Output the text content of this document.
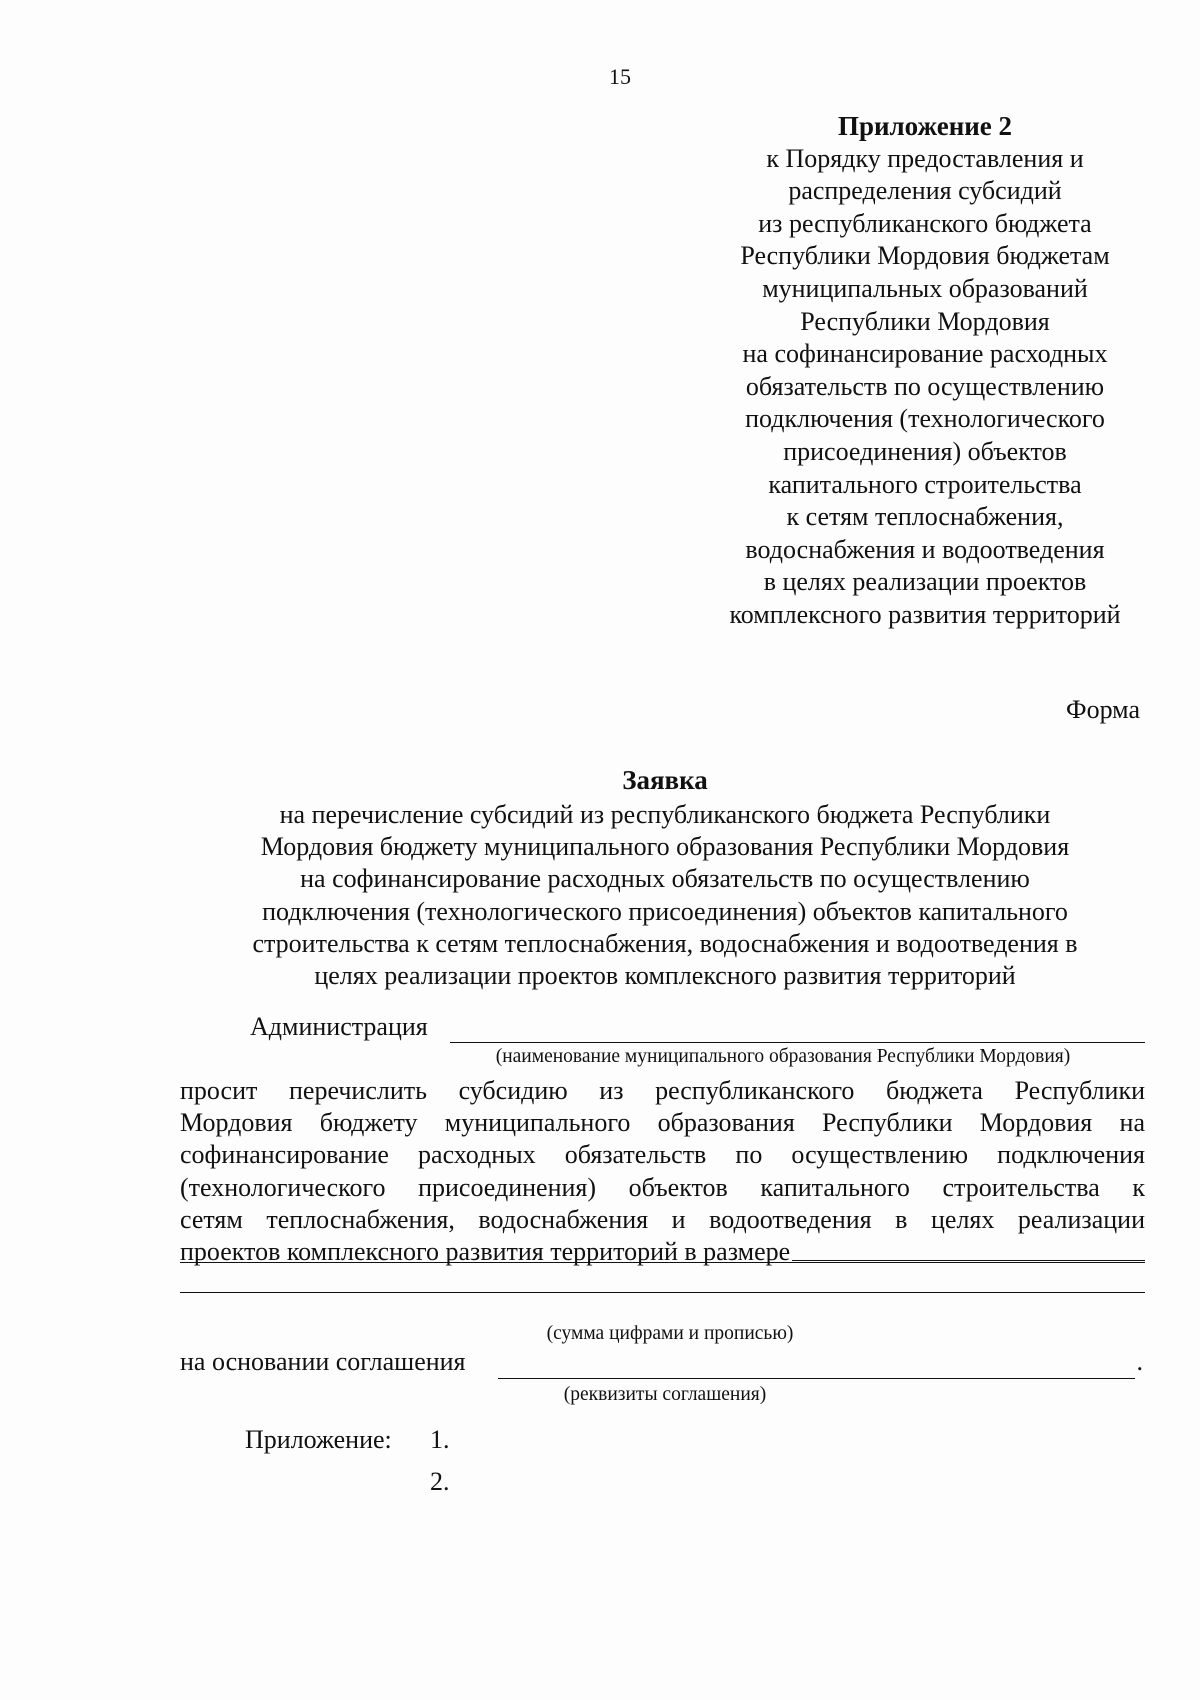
15
Приложение 2
к Порядку предоставления и
распределения субсидий
из республиканского бюджета
Республики Мордовия бюджетам
муниципальных образований
Республики Мордовия
на софинансирование расходных
обязательств по осуществлению
подключения (технологического
присоединения) объектов
капитального строительства
к сетям теплоснабжения,
водоснабжения и водоотведения
в целях реализации проектов
комплексного развития территорий
Форма
Заявка
на перечисление субсидий из республиканского бюджета Республики
Мордовия бюджету муниципального образования Республики Мордовия
на софинансирование расходных обязательств по осуществлению
подключения (технологического присоединения) объектов капитального
строительства к сетям теплоснабжения, водоснабжения и водоотведения в
целях реализации проектов комплексного развития территорий
Администрация
(наименование муниципального образования Республики Мордовия)
просит перечислить субсидию из республиканского бюджета Республики
Мордовия бюджету муниципального образования Республики Мордовия на
софинансирование расходных обязательств по осуществлению подключения
(технологического присоединения) объектов капитального строительства к
сетям теплоснабжения, водоснабжения и водоотведения в целях реализации
проектов комплексного развития территорий в размере
(сумма цифрами и прописью)
на основании соглашения	.
(реквизиты соглашения)
Приложение: 1.
2.
